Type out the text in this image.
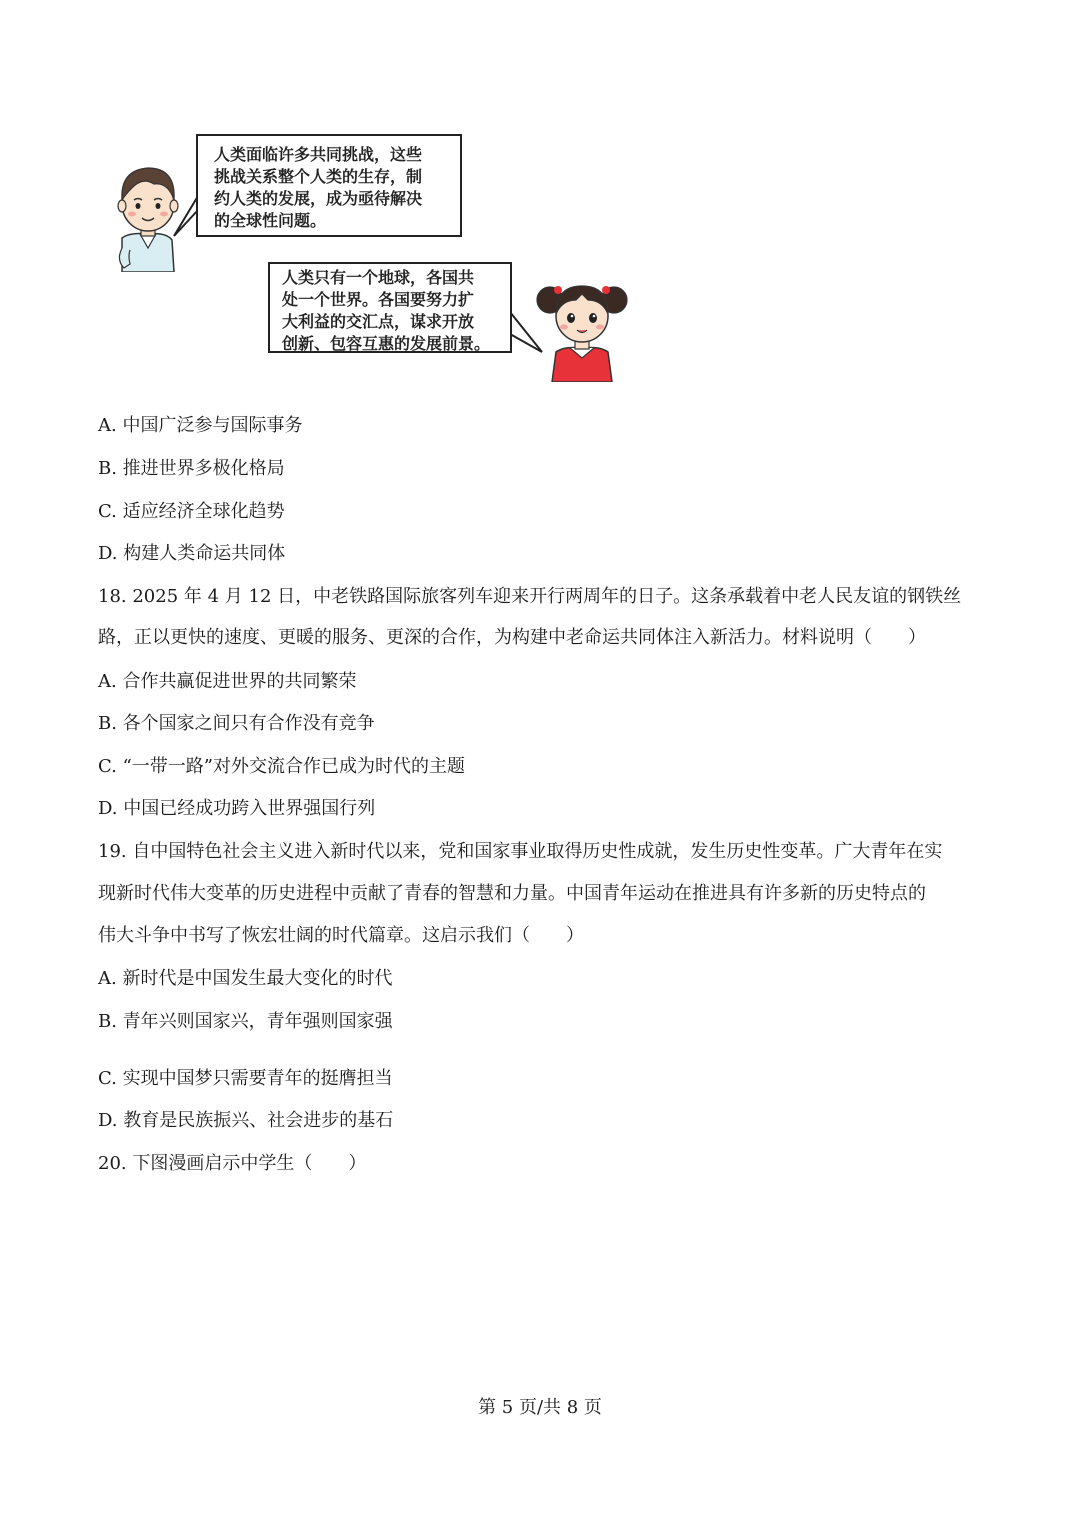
人类面临许多共同挑战，这些
挑战关系整个人类的生存，制
约人类的发展，成为亟待解决
的全球性问题。
人类只有一个地球，各国共
处一个世界。各国要努力扩
大利益的交汇点，谋求开放
创新、包容互惠的发展前景。
A. 中国广泛参与国际事务
B. 推进世界多极化格局
C. 适应经济全球化趋势
D. 构建人类命运共同体
18. 2025 年 4 月 12 日，中老铁路国际旅客列车迎来开行两周年的日子。这条承载着中老人民友谊的钢铁丝
路，正以更快的速度、更暖的服务、更深的合作，为构建中老命运共同体注入新活力。材料说明（　　）
A. 合作共赢促进世界的共同繁荣
B. 各个国家之间只有合作没有竞争
C. “一带一路”对外交流合作已成为时代的主题
D. 中国已经成功跨入世界强国行列
19. 自中国特色社会主义进入新时代以来，党和国家事业取得历史性成就，发生历史性变革。广大青年在实
现新时代伟大变革的历史进程中贡献了青春的智慧和力量。中国青年运动在推进具有许多新的历史特点的
伟大斗争中书写了恢宏壮阔的时代篇章。这启示我们（　　）
A. 新时代是中国发生最大变化的时代
B. 青年兴则国家兴，青年强则国家强
C. 实现中国梦只需要青年的挺膺担当
D. 教育是民族振兴、社会进步的基石
20. 下图漫画启示中学生（　　）
第 5 页/共 8 页
